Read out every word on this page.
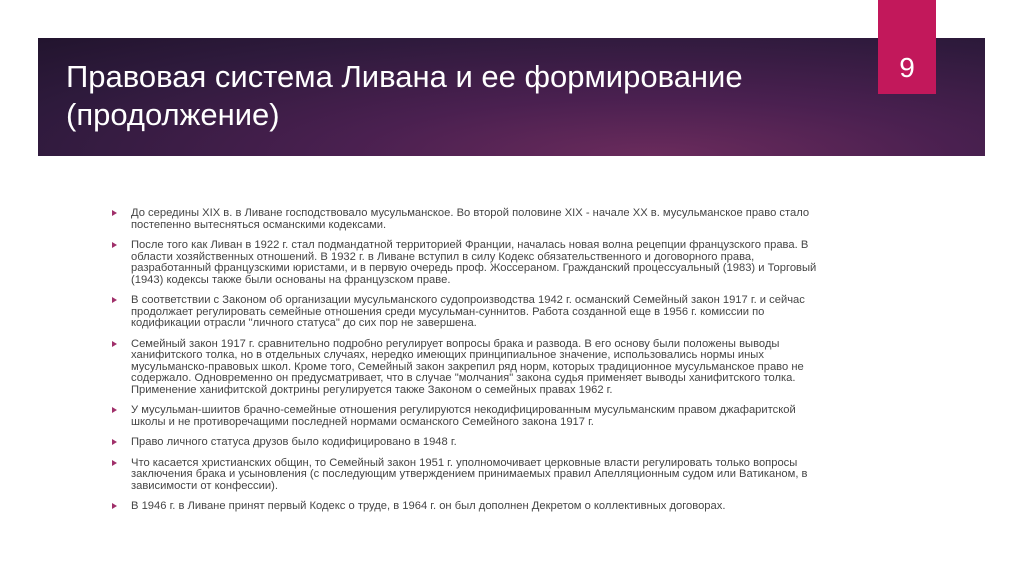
Правовая система Ливана и ее формирование (продолжение)
9
До середины XIX в. в Ливане господствовало мусульманское. Во второй половине XIX - начале XX в. мусульманское право стало постепенно вытесняться османскими кодексами.
После того как Ливан в 1922 г. стал подмандатной территорией Франции, началась новая волна рецепции французского права. В области хозяйственных отношений. В 1932 г. в Ливане вступил в силу Кодекс обязательственного и договорного права, разработанный французскими юристами, и в первую очередь проф. Жоссераном. Гражданский процессуальный (1983) и Торговый (1943) кодексы также были основаны на французском праве.
В соответствии с Законом об организации мусульманского судопроизводства 1942 г. османский Семейный закон 1917 г. и сейчас продолжает регулировать семейные отношения среди мусульман-суннитов. Работа созданной еще в 1956 г. комиссии по кодификации отрасли "личного статуса" до сих пор не завершена.
Семейный закон 1917 г. сравнительно подробно регулирует вопросы брака и развода. В его основу были положены выводы ханифитского толка, но в отдельных случаях, нередко имеющих принципиальное значение, использовались нормы иных мусульманско-правовых школ. Кроме того, Семейный закон закрепил ряд норм, которых традиционное мусульманское право не содержало. Одновременно он предусматривает, что в случае "молчания" закона судья применяет выводы ханифитского толка. Применение ханифитской доктрины регулируется также Законом о семейных правах 1962 г.
У мусульман-шиитов брачно-семейные отношения регулируются некодифицированным мусульманским правом джафаритской школы и не противоречащими последней нормами османского Семейного закона 1917 г.
Право личного статуса друзов было кодифицировано в 1948 г.
Что касается христианских общин, то Семейный закон 1951 г. уполномочивает церковные власти регулировать только вопросы заключения брака и усыновления (с последующим утверждением принимаемых правил Апелляционным судом или Ватиканом, в зависимости от конфессии).
В 1946 г. в Ливане принят первый Кодекс о труде, в 1964 г. он был дополнен Декретом о коллективных договорах.
